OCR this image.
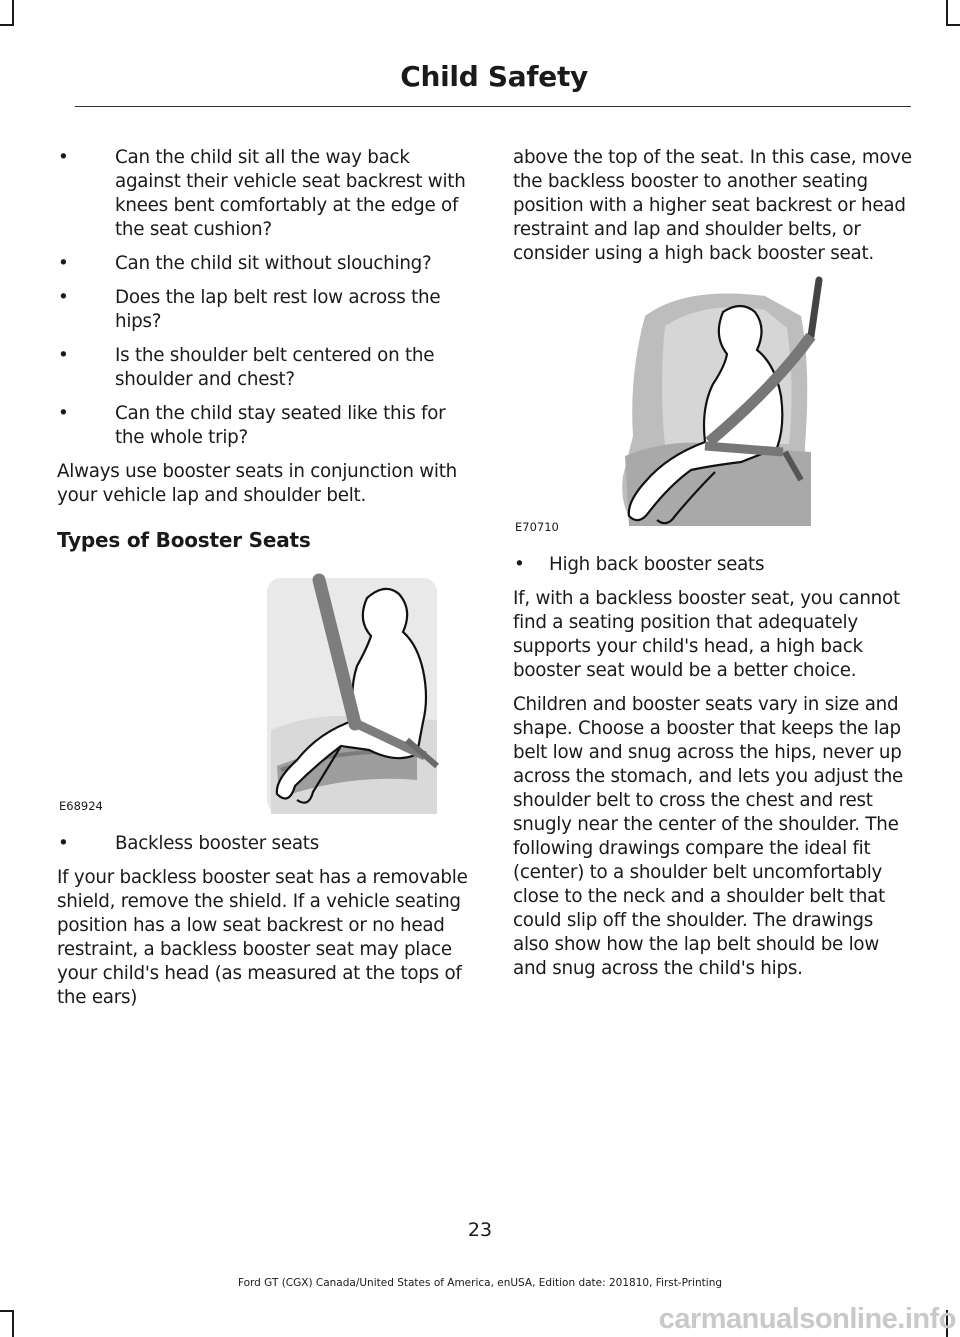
Child Safety
•	Can the child sit all the way back against their vehicle seat backrest with knees bent comfortably at the edge of the seat cushion?
•	Can the child sit without slouching?
•	Does the lap belt rest low across the hips?
•	Is the shoulder belt centered on the shoulder and chest?
•	Can the child stay seated like this for the whole trip?

Always use booster seats in conjunction with your vehicle lap and shoulder belt.

Types of Booster Seats
E68924
•	Backless booster seats

If your backless booster seat has a removable shield, remove the shield. If a vehicle seating position has a low seat backrest or no head restraint, a backless booster seat may place your child's head (as measured at the tops of the ears)

above the top of the seat. In this case, move the backless booster to another seating position with a higher seat backrest or head restraint and lap and shoulder belts, or consider using a high back booster seat.

E70710
• High back booster seats

If, with a backless booster seat, you cannot find a seating position that adequately supports your child's head, a high back booster seat would be a better choice.

Children and booster seats vary in size and shape. Choose a booster that keeps the lap belt low and snug across the hips, never up across the stomach, and lets you adjust the shoulder belt to cross the chest and rest snugly near the center of the shoulder. The following drawings compare the ideal fit (center) to a shoulder belt uncomfortably close to the neck and a shoulder belt that could slip off the shoulder. The drawings also show how the lap belt should be low and snug across the child's hips.

23
Ford GT (CGX) Canada/United States of America, enUSA, Edition date: 201810, First-Printing
carmanualsonline.info
